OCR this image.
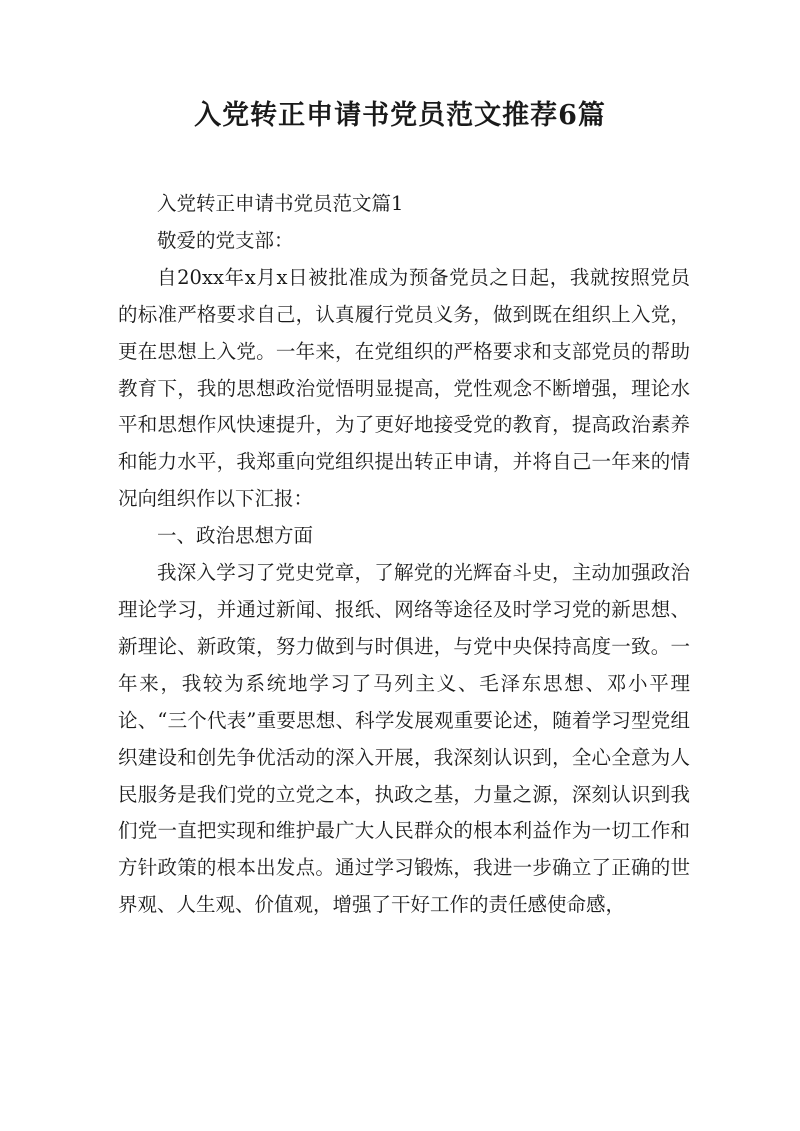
入党转正申请书党员范文推荐6篇

入党转正申请书党员范文篇1

敬爱的党支部：

自20xx年x月x日被批准成为预备党员之日起，我就按照党员的标准严格要求自己，认真履行党员义务，做到既在组织上入党，更在思想上入党。一年来，在党组织的严格要求和支部党员的帮助教育下，我的思想政治觉悟明显提高，党性观念不断增强，理论水平和思想作风快速提升，为了更好地接受党的教育，提高政治素养和能力水平，我郑重向党组织提出转正申请，并将自己一年来的情况向组织作以下汇报：

一、政治思想方面

我深入学习了党史党章，了解党的光辉奋斗史，主动加强政治理论学习，并通过新闻、报纸、网络等途径及时学习党的新思想、新理论、新政策，努力做到与时俱进，与党中央保持高度一致。一年来，我较为系统地学习了马列主义、毛泽东思想、邓小平理论、“三个代表”重要思想、科学发展观重要论述，随着学习型党组织建设和创先争优活动的深入开展，我深刻认识到，全心全意为人民服务是我们党的立党之本，执政之基，力量之源，深刻认识到我们党一直把实现和维护最广大人民群众的根本利益作为一切工作和方针政策的根本出发点。通过学习锻炼，我进一步确立了正确的世界观、人生观、价值观，增强了干好工作的责任感使命感，
